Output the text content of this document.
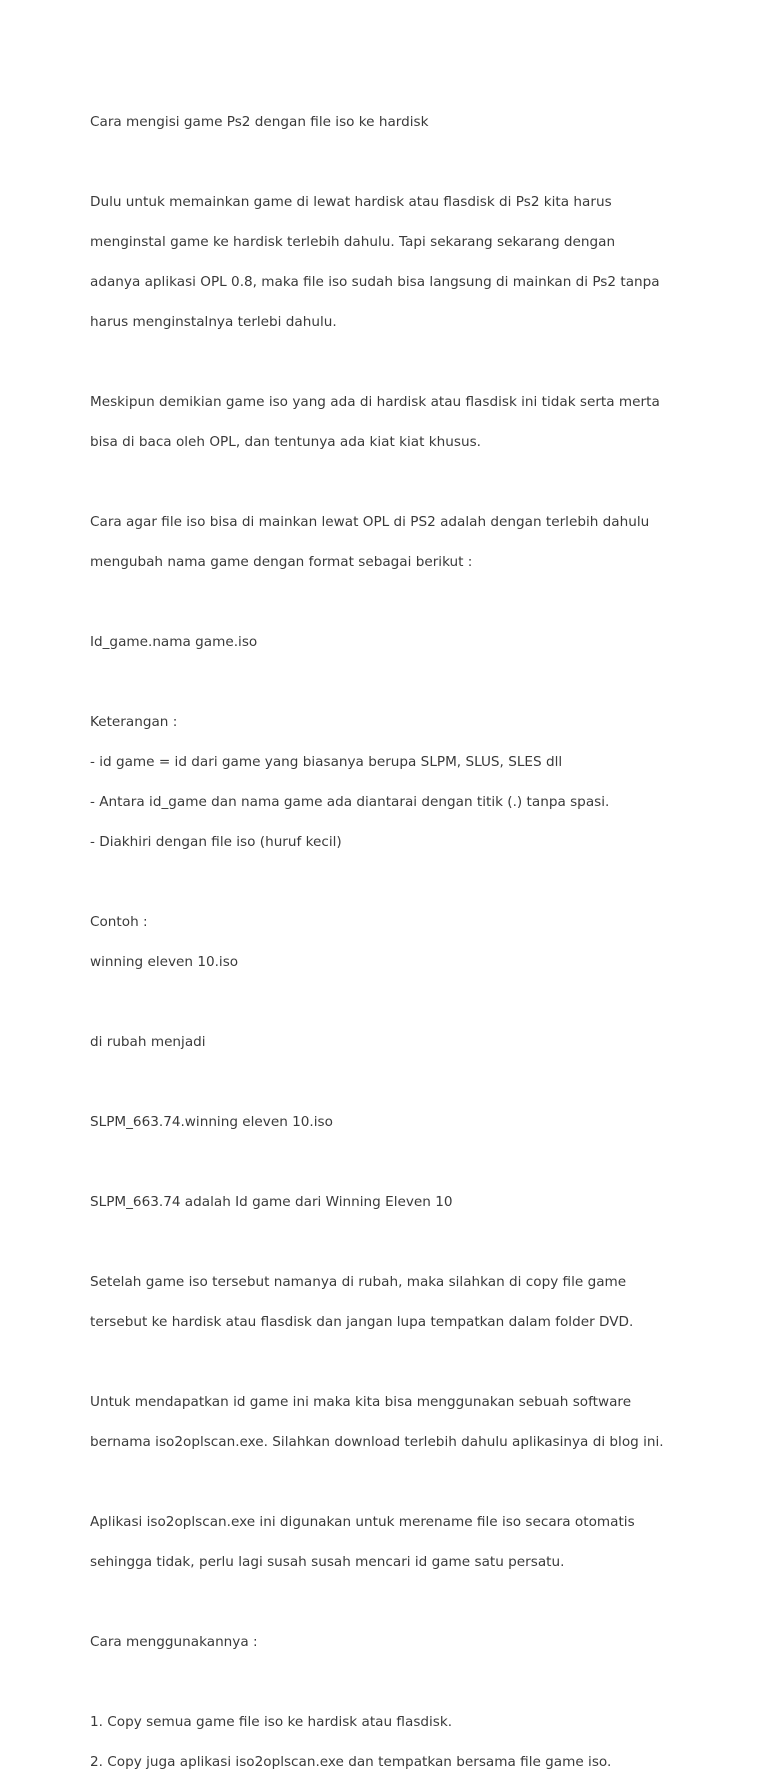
Cara mengisi game Ps2 dengan file iso ke hardisk

Dulu untuk memainkan game di lewat hardisk atau flasdisk di Ps2 kita harus

menginstal game ke hardisk terlebih dahulu. Tapi sekarang sekarang dengan

adanya aplikasi OPL 0.8, maka file iso sudah bisa langsung di mainkan di Ps2 tanpa

harus menginstalnya terlebi dahulu.

Meskipun demikian game iso yang ada di hardisk atau flasdisk ini tidak serta merta

bisa di baca oleh OPL, dan tentunya ada kiat kiat khusus.

Cara agar file iso bisa di mainkan lewat OPL di PS2 adalah dengan terlebih dahulu

mengubah nama game dengan format sebagai berikut :

Id_game.nama game.iso

Keterangan :

- id game = id dari game yang biasanya berupa SLPM, SLUS, SLES dll

- Antara id_game dan nama game ada diantarai dengan titik (.) tanpa spasi.

- Diakhiri dengan file iso (huruf kecil)

Contoh :

winning eleven 10.iso

di rubah menjadi

SLPM_663.74.winning eleven 10.iso

SLPM_663.74 adalah Id game dari Winning Eleven 10

Setelah game iso tersebut namanya di rubah, maka silahkan di copy file game

tersebut ke hardisk atau flasdisk dan jangan lupa tempatkan dalam folder DVD.

Untuk mendapatkan id game ini maka kita bisa menggunakan sebuah software

bernama iso2oplscan.exe. Silahkan download terlebih dahulu aplikasinya di blog ini.

Aplikasi iso2oplscan.exe ini digunakan untuk merename file iso secara otomatis

sehingga tidak, perlu lagi susah susah mencari id game satu persatu.

Cara menggunakannya :

1. Copy semua game file iso ke hardisk atau flasdisk.

2. Copy juga aplikasi iso2oplscan.exe dan tempatkan bersama file game iso.
